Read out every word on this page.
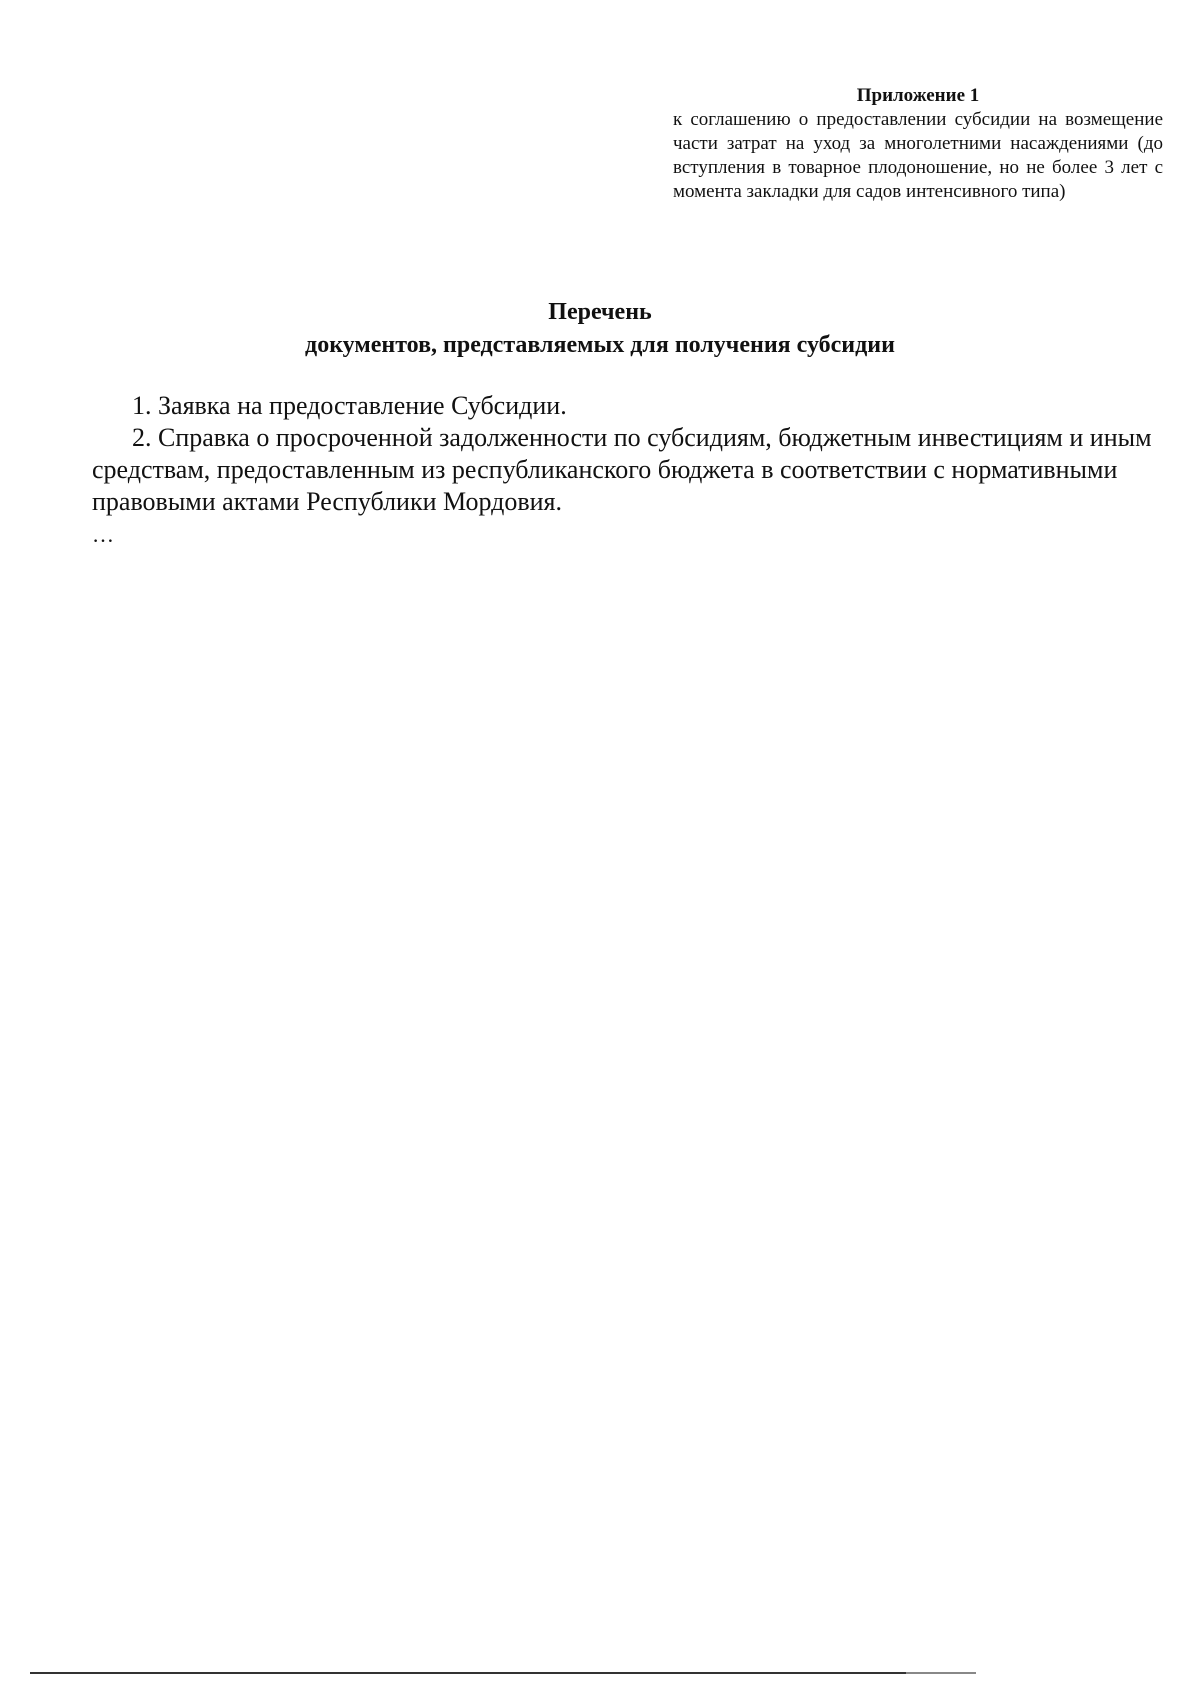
Приложение 1

к соглашению о предоставлении субсидии на возмещение части затрат на уход за многолетними насаждениями (до вступления в товарное плодоношение, но не более 3 лет с момента закладки для садов интенсивного типа)

Перечень
документов, представляемых для получения субсидии

1. Заявка на предоставление Субсидии.

2. Справка о просроченной задолженности по субсидиям, бюджетным инвестициям и иным средствам, предоставленным из республиканского бюджета в соответствии с нормативными правовыми актами Республики Мордовия.

…
